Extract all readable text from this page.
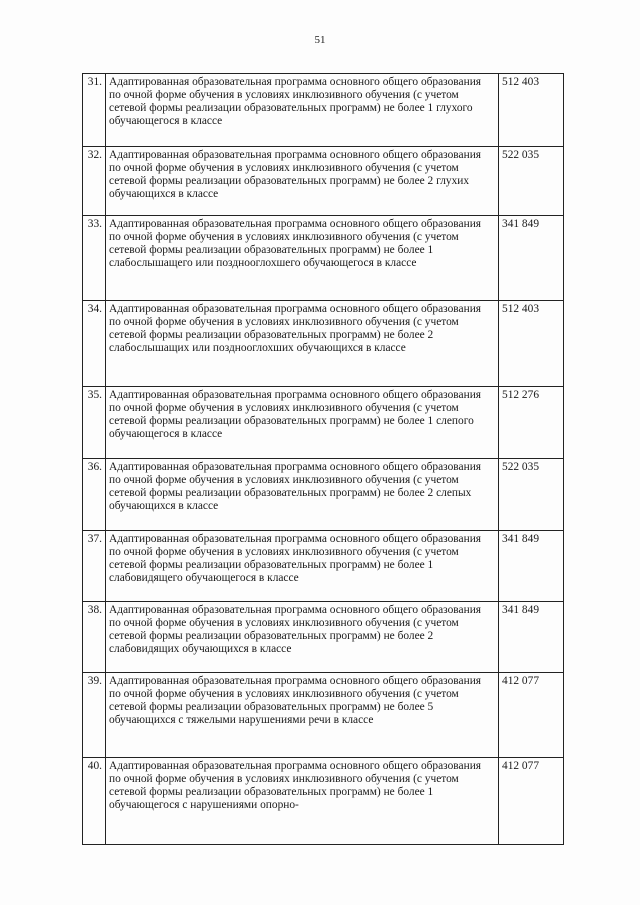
51
31.	Адаптированная образовательная программа основного общего образования по очной форме обучения в условиях инклюзивного обучения (с учетом сетевой формы реализации образовательных программ) не более 1 глухого обучающегося в классе	512 403
32.	Адаптированная образовательная программа основного общего образования по очной форме обучения в условиях инклюзивного обучения (с учетом сетевой формы реализации образовательных программ) не более 2 глухих обучающихся в классе	522 035
33.	Адаптированная образовательная программа основного общего образования по очной форме обучения в условиях инклюзивного обучения (с учетом сетевой формы реализации образовательных программ) не более 1 слабослышащего или позднооглохшего обучающегося в классе	341 849
34.	Адаптированная образовательная программа основного общего образования по очной форме обучения в условиях инклюзивного обучения (с учетом сетевой формы реализации образовательных программ) не более 2 слабослышащих или позднооглохших обучающихся в классе	512 403
35.	Адаптированная образовательная программа основного общего образования по очной форме обучения в условиях инклюзивного обучения (с учетом сетевой формы реализации образовательных программ) не более 1 слепого обучающегося в классе	512 276
36.	Адаптированная образовательная программа основного общего образования по очной форме обучения в условиях инклюзивного обучения (с учетом сетевой формы реализации образовательных программ) не более 2 слепых обучающихся в классе	522 035
37.	Адаптированная образовательная программа основного общего образования по очной форме обучения в условиях инклюзивного обучения (с учетом сетевой формы реализации образовательных программ) не более 1 слабовидящего обучающегося в классе	341 849
38.	Адаптированная образовательная программа основного общего образования по очной форме обучения в условиях инклюзивного обучения (с учетом сетевой формы реализации образовательных программ) не более 2 слабовидящих обучающихся в классе	341 849
39.	Адаптированная образовательная программа основного общего образования по очной форме обучения в условиях инклюзивного обучения (с учетом сетевой формы реализации образовательных программ) не более 5 обучающихся с тяжелыми нарушениями речи в классе	412 077
40.	Адаптированная образовательная программа основного общего образования по очной форме обучения в условиях инклюзивного обучения (с учетом сетевой формы реализации образовательных программ) не более 1 обучающегося с нарушениями опорно-	412 077
